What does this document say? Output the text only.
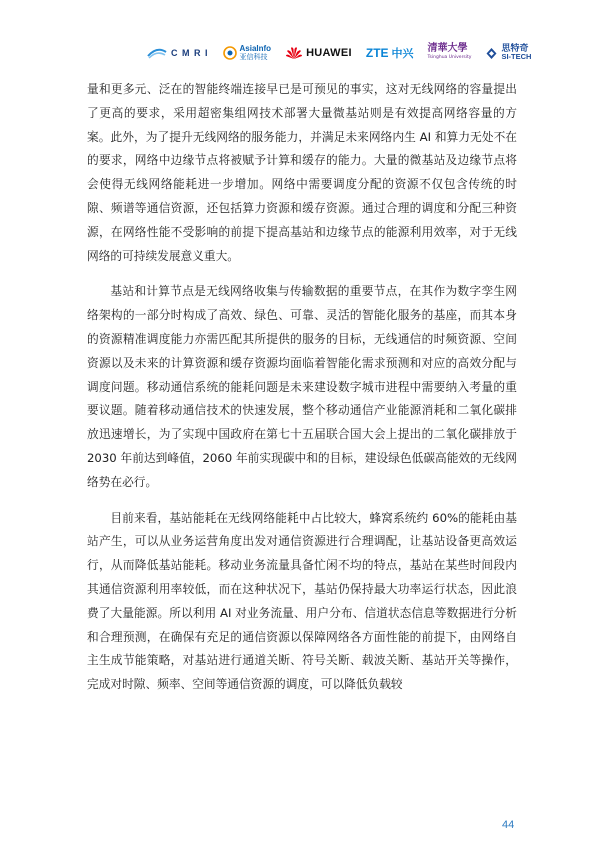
C M R I	AsiaInfo
亚信科技	HUAWEI ZTE 中兴 清華大學
Tsinghua University
思特奇
SI-TECH

量和更多元、泛在的智能终端连接早已是可预见的事实，这对无线网络的容量提出了更高的要求，采用超密集组网技术部署大量微基站则是有效提高网络容量的方案。此外，为了提升无线网络的服务能力，并满足未来网络内生 AI 和算力无处不在的要求，网络中边缘节点将被赋予计算和缓存的能力。大量的微基站及边缘节点将会使得无线网络能耗进一步增加。网络中需要调度分配的资源不仅包含传统的时隙、频谱等通信资源，还包括算力资源和缓存资源。通过合理的调度和分配三种资源，在网络性能不受影响的前提下提高基站和边缘节点的能源利用效率，对于无线网络的可持续发展意义重大。

基站和计算节点是无线网络收集与传输数据的重要节点，在其作为数字孪生网络架构的一部分时构成了高效、绿色、可靠、灵活的智能化服务的基座，而其本身的资源精准调度能力亦需匹配其所提供的服务的目标，无线通信的时频资源、空间资源以及未来的计算资源和缓存资源均面临着智能化需求预测和对应的高效分配与调度问题。移动通信系统的能耗问题是未来建设数字城市进程中需要纳入考量的重要议题。随着移动通信技术的快速发展，整个移动通信产业能源消耗和二氧化碳排放迅速增长，为了实现中国政府在第七十五届联合国大会上提出的二氧化碳排放于 2030 年前达到峰值，2060 年前实现碳中和的目标，建设绿色低碳高能效的无线网络势在必行。

目前来看，基站能耗在无线网络能耗中占比较大，蜂窝系统约 60%的能耗由基站产生，可以从业务运营角度出发对通信资源进行合理调配，让基站设备更高效运行，从而降低基站能耗。移动业务流量具备忙闲不均的特点，基站在某些时间段内其通信资源利用率较低，而在这种状况下，基站仍保持最大功率运行状态，因此浪费了大量能源。所以利用 AI 对业务流量、用户分布、信道状态信息等数据进行分析和合理预测，在确保有充足的通信资源以保障网络各方面性能的前提下，由网络自主生成节能策略，对基站进行通道关断、符号关断、载波关断、基站开关等操作，完成对时隙、频率、空间等通信资源的调度，可以降低负载较

44
